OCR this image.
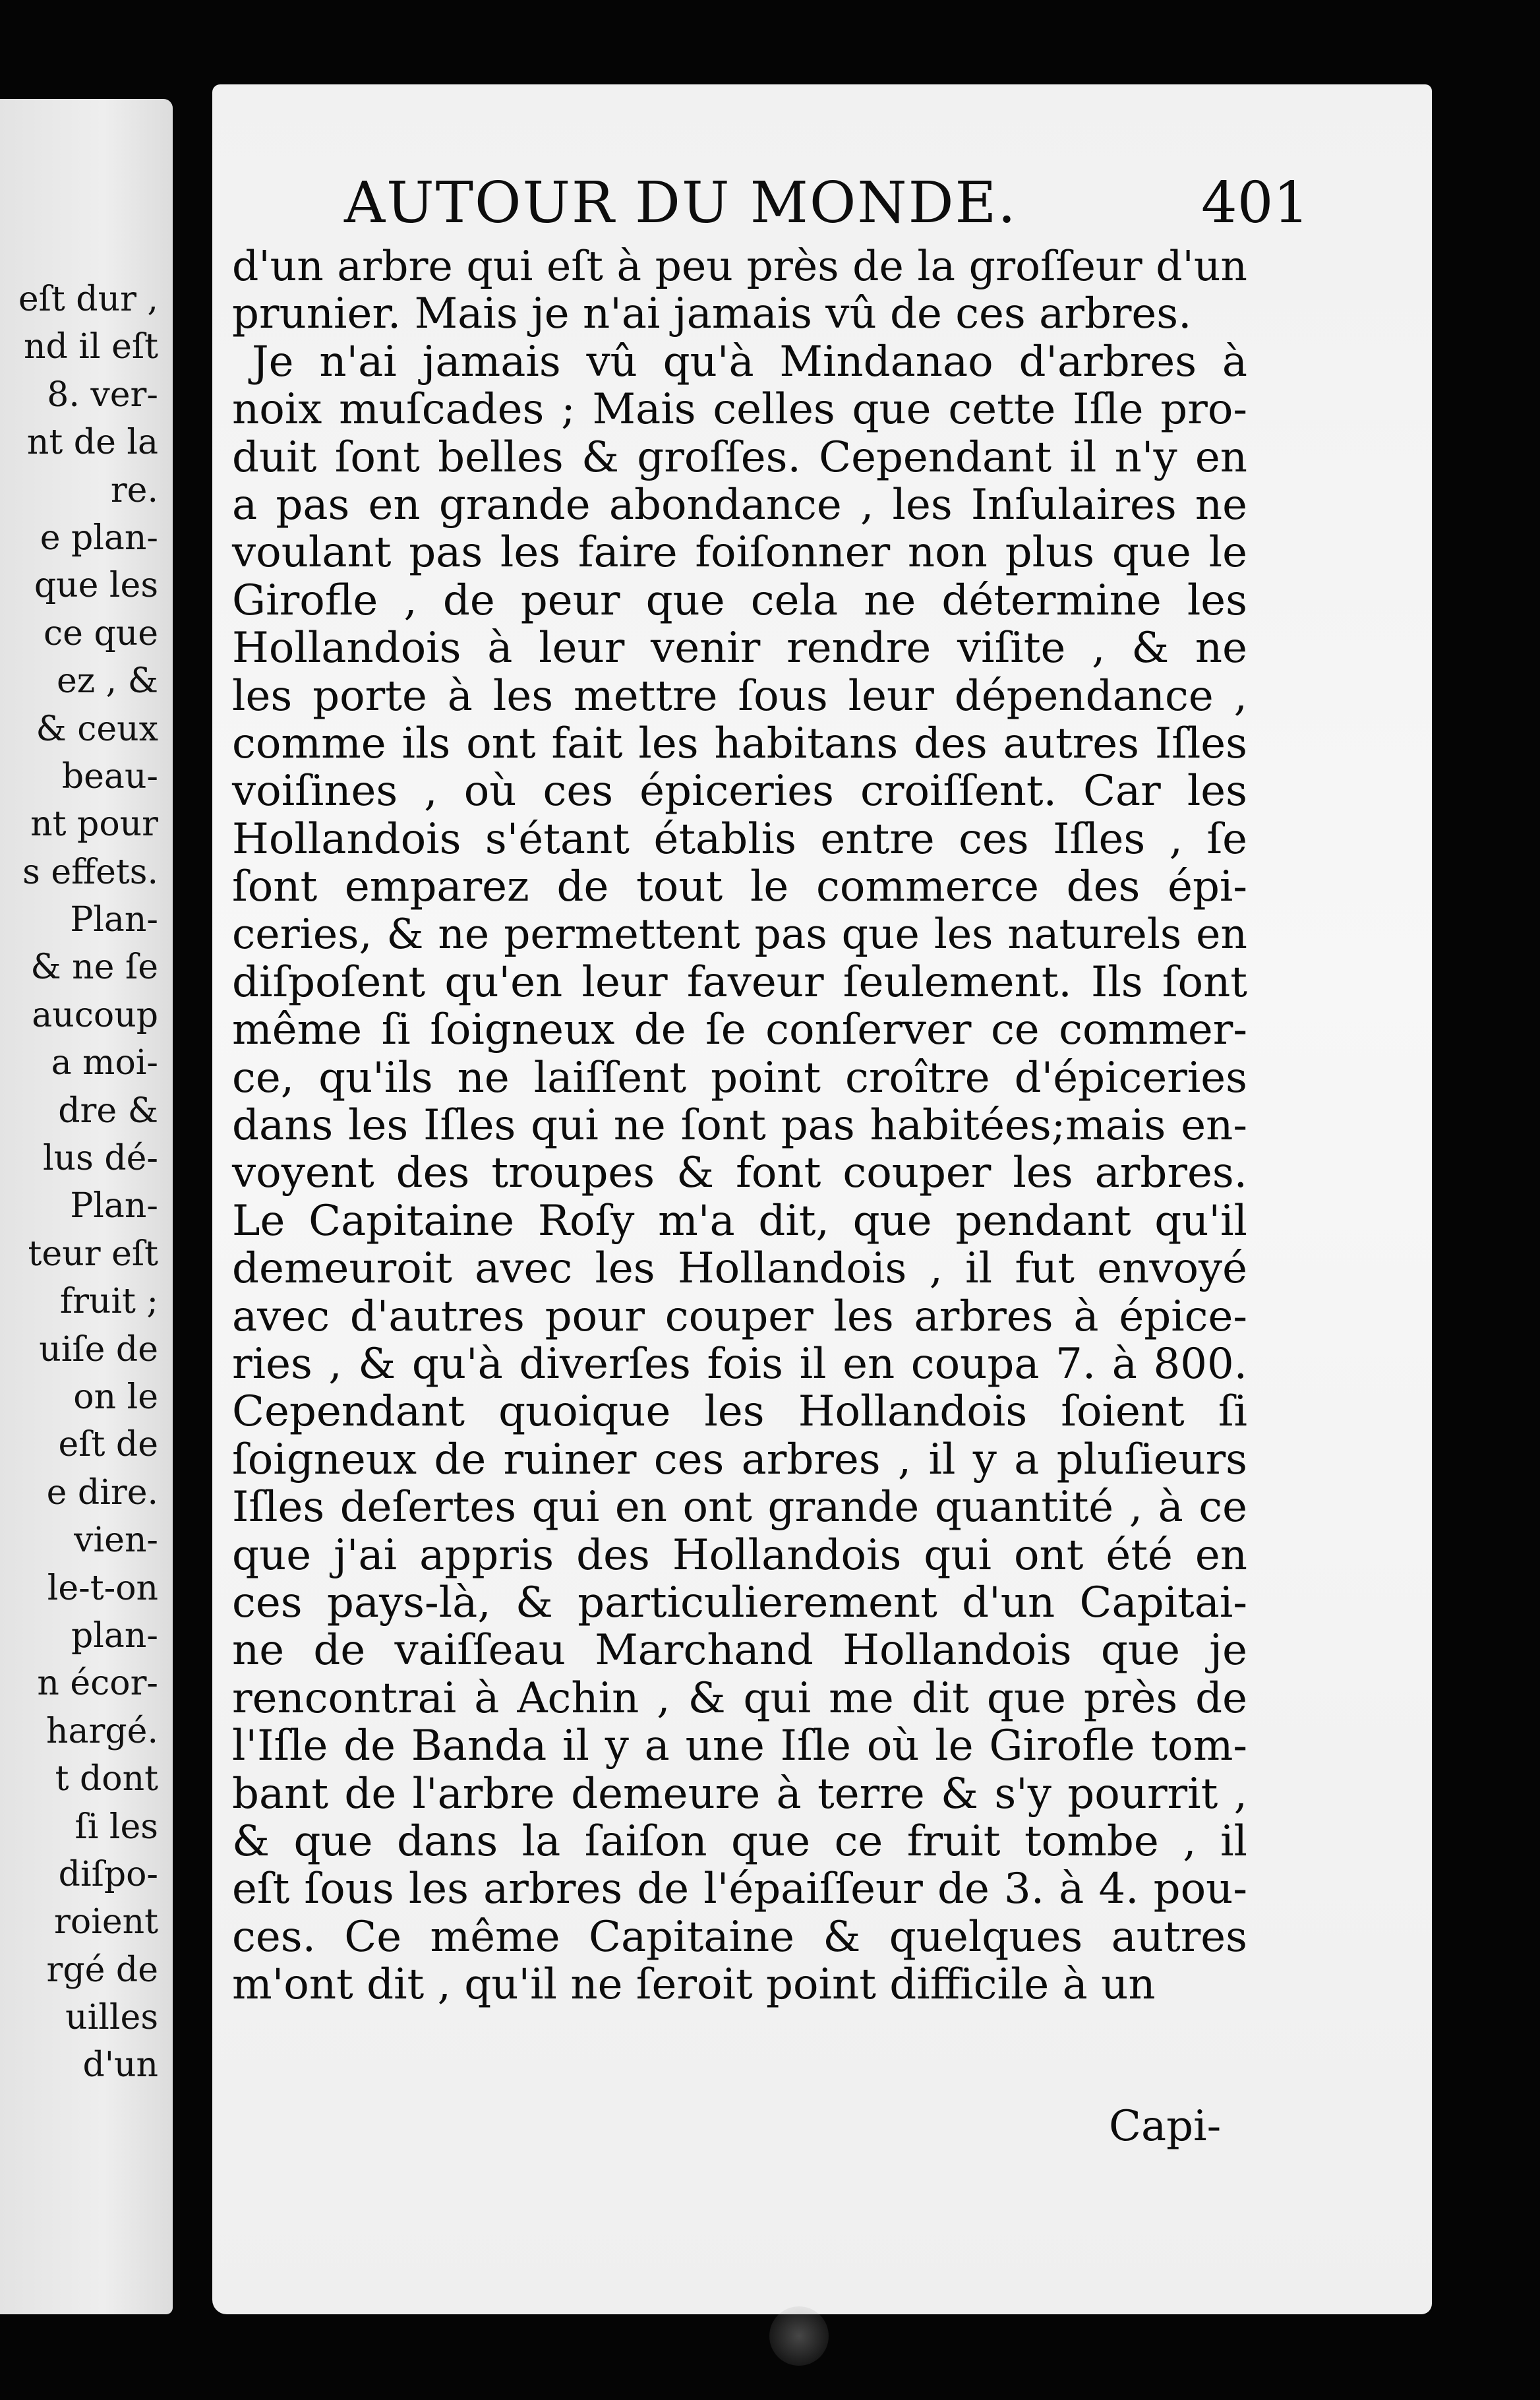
eſt dur ,
nd il eſt
8. ver-
nt de la
re.
e plan-
que les
ce que
ez , &
& ceux
beau-
nt pour
s effets.
Plan-
& ne ſe
aucoup
a moi-
dre &
lus dé-
Plan-
teur eſt
fruit ;
uiſe de
on le
eſt de
e dire.
vien-
le-t-on
plan-
n écor-
hargé.
t dont
ſi les
diſpo-
roient
rgé de
uilles
d'un
AUTOUR DU MONDE.	401
d'un arbre qui eſt à peu près de la groſſeur d'un
prunier. Mais je n'ai jamais vû de ces arbres.
Je n'ai jamais vû qu'à Mindanao d'arbres à
noix muſcades ; Mais celles que cette Iſle pro-
duit ſont belles & groſſes. Cependant il n'y en
a pas en grande abondance , les Inſulaires ne
voulant pas les faire foiſonner non plus que le
Girofle , de peur que cela ne détermine les
Hollandois à leur venir rendre viſite , & ne
les porte à les mettre ſous leur dépendance ,
comme ils ont fait les habitans des autres Iſles
voiſines , où ces épiceries croiſſent. Car les
Hollandois s'étant établis entre ces Iſles , ſe
ſont emparez de tout le commerce des épi-
ceries, & ne permettent pas que les naturels en
diſpoſent qu'en leur faveur ſeulement. Ils ſont
même ſi ſoigneux de ſe conſerver ce commer-
ce, qu'ils ne laiſſent point croître d'épiceries
dans les Iſles qui ne ſont pas habitées;mais en-
voyent des troupes & font couper les arbres.
Le Capitaine Roſy m'a dit, que pendant qu'il
demeuroit avec les Hollandois , il fut envoyé
avec d'autres pour couper les arbres à épice-
ries , & qu'à diverſes fois il en coupa 7. à 800.
Cependant quoique les Hollandois ſoient ſi
ſoigneux de ruiner ces arbres , il y a pluſieurs
Iſles deſertes qui en ont grande quantité , à ce
que j'ai appris des Hollandois qui ont été en
ces pays-là, & particulierement d'un Capitai-
ne de vaiſſeau Marchand Hollandois que je
rencontrai à Achin , & qui me dit que près de
l'Iſle de Banda il y a une Iſle où le Girofle tom-
bant de l'arbre demeure à terre & s'y pourrit ,
& que dans la ſaiſon que ce fruit tombe , il
eſt ſous les arbres de l'épaiſſeur de 3. à 4. pou-
ces. Ce même Capitaine & quelques autres
m'ont dit , qu'il ne ſeroit point difficile à un
Capi-
